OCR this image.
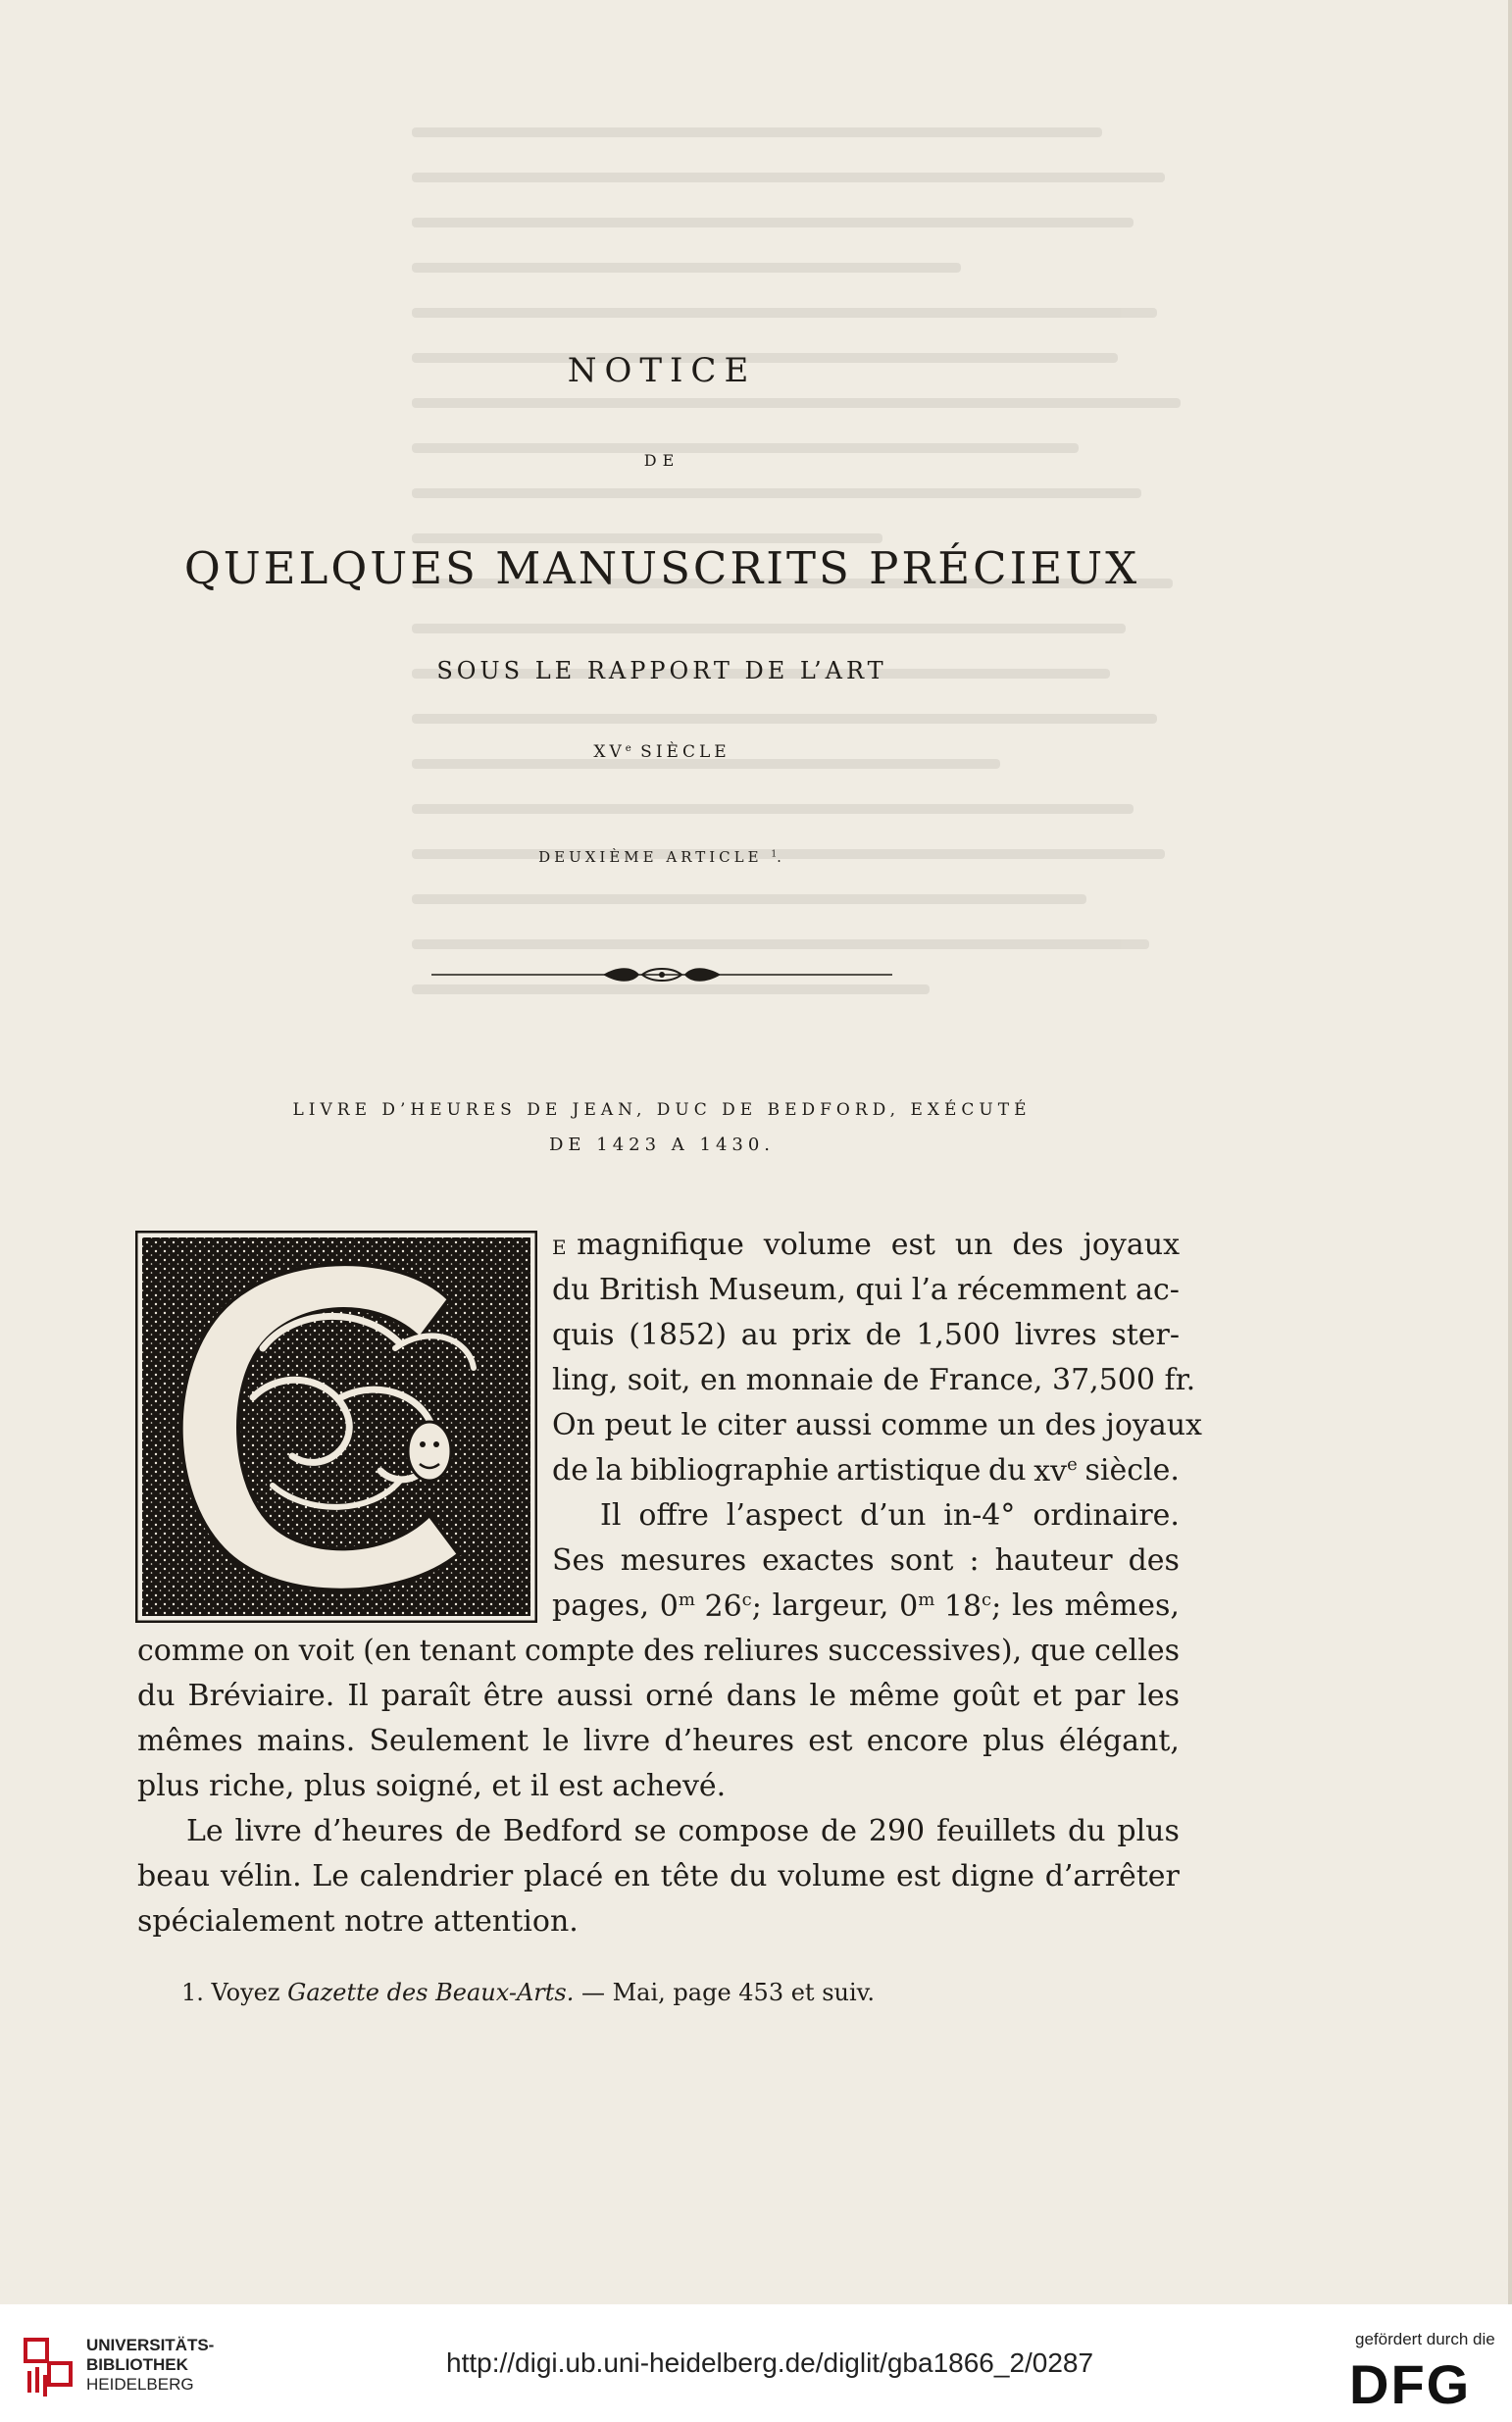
NOTICE
DE
QUELQUES MANUSCRITS PRÉCIEUX
SOUS LE RAPPORT DE L’ART
XVe SIÈCLE
DEUXIÈME ARTICLE $^1$.
LIVRE D’HEURES DE JEAN, DUC DE BEDFORD, EXÉCUTÉ
DE 1423 A 1430.
E magnifique volume est un des joyaux
du British Museum, qui l’a récemment ac-
quis (1852) au prix de 1,500 livres ster-
ling, soit, en monnaie de France, 37,500 fr.
On peut le citer aussi comme un des joyaux
de la bibliographie artistique du $xv^e$ siècle.
Il offre l’aspect d’un in-4° ordinaire.
Ses mesures exactes sont : hauteur des
pages, 0$^m$ 26$^c$; largeur, 0$^m$ 18$^c$; les mêmes,
comme on voit (en tenant compte des reliures successives), que celles
du Bréviaire. Il paraît être aussi orné dans le même goût et par les
mêmes mains. Seulement le livre d’heures est encore plus élégant,
plus riche, plus soigné, et il est achevé.
Le livre d’heures de Bedford se compose de 290 feuillets du plus
beau vélin. Le calendrier placé en tête du volume est digne d’arrêter
spécialement notre attention.
1. Voyez Gazette des Beaux-Arts. — Mai, page 453 et suiv.
UNIVERSITÄTS-
BIBLIOTHEK
HEIDELBERG
http://digi.ub.uni-heidelberg.de/diglit/gba1866_2/0287
gefördert durch die
DFG
